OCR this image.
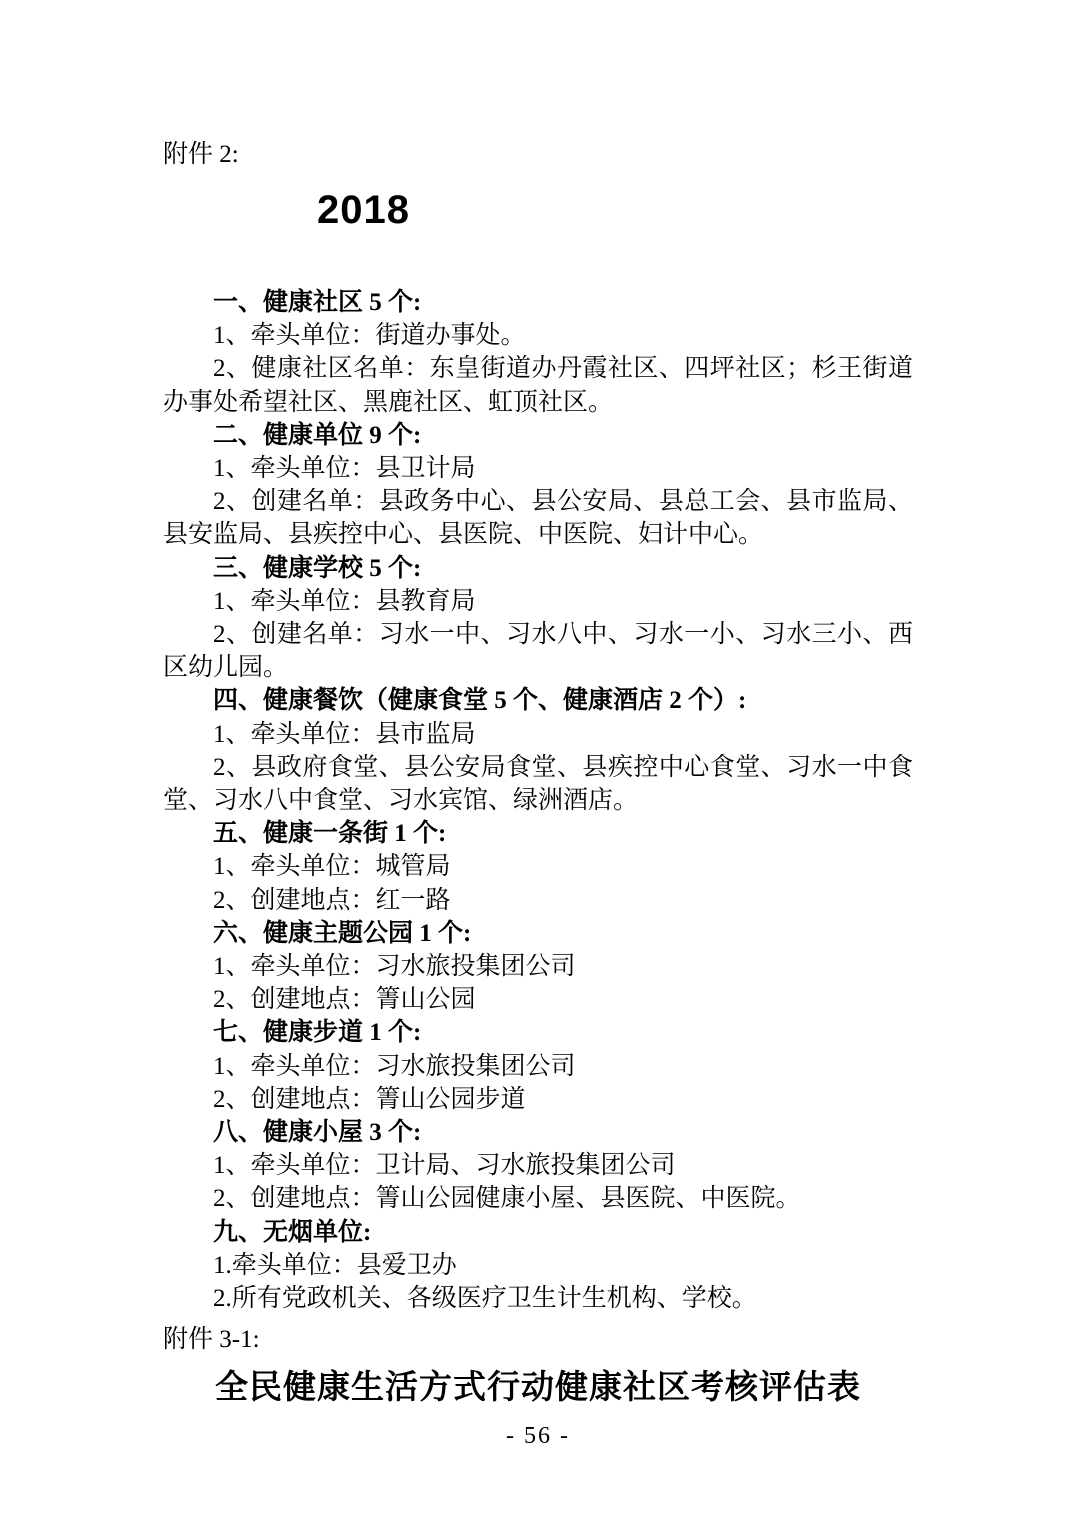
附件 2:
2018

一、健康社区 5 个:

1、牵头单位：街道办事处。

2、健康社区名单：东皇街道办丹霞社区、四坪社区；杉王街道办事处希望社区、黑鹿社区、虹顶社区。

二、健康单位 9 个:

1、牵头单位：县卫计局

2、创建名单：县政务中心、县公安局、县总工会、县市监局、县安监局、县疾控中心、县医院、中医院、妇计中心。

三、健康学校 5 个:

1、牵头单位：县教育局

2、创建名单：习水一中、习水八中、习水一小、习水三小、西区幼儿园。

四、健康餐饮（健康食堂 5 个、健康酒店 2 个）:

1、牵头单位：县市监局

2、县政府食堂、县公安局食堂、县疾控中心食堂、习水一中食堂、习水八中食堂、习水宾馆、绿洲酒店。

五、健康一条街 1 个:

1、牵头单位：城管局

2、创建地点：红一路

六、健康主题公园 1 个:

1、牵头单位：习水旅投集团公司

2、创建地点：箐山公园

七、健康步道 1 个:

1、牵头单位：习水旅投集团公司

2、创建地点：箐山公园步道

八、健康小屋 3 个:

1、牵头单位：卫计局、习水旅投集团公司

2、创建地点：箐山公园健康小屋、县医院、中医院。

九、无烟单位:

1.牵头单位：县爱卫办

2.所有党政机关、各级医疗卫生计生机构、学校。

附件 3-1:
全民健康生活方式行动健康社区考核评估表
- 56 -
